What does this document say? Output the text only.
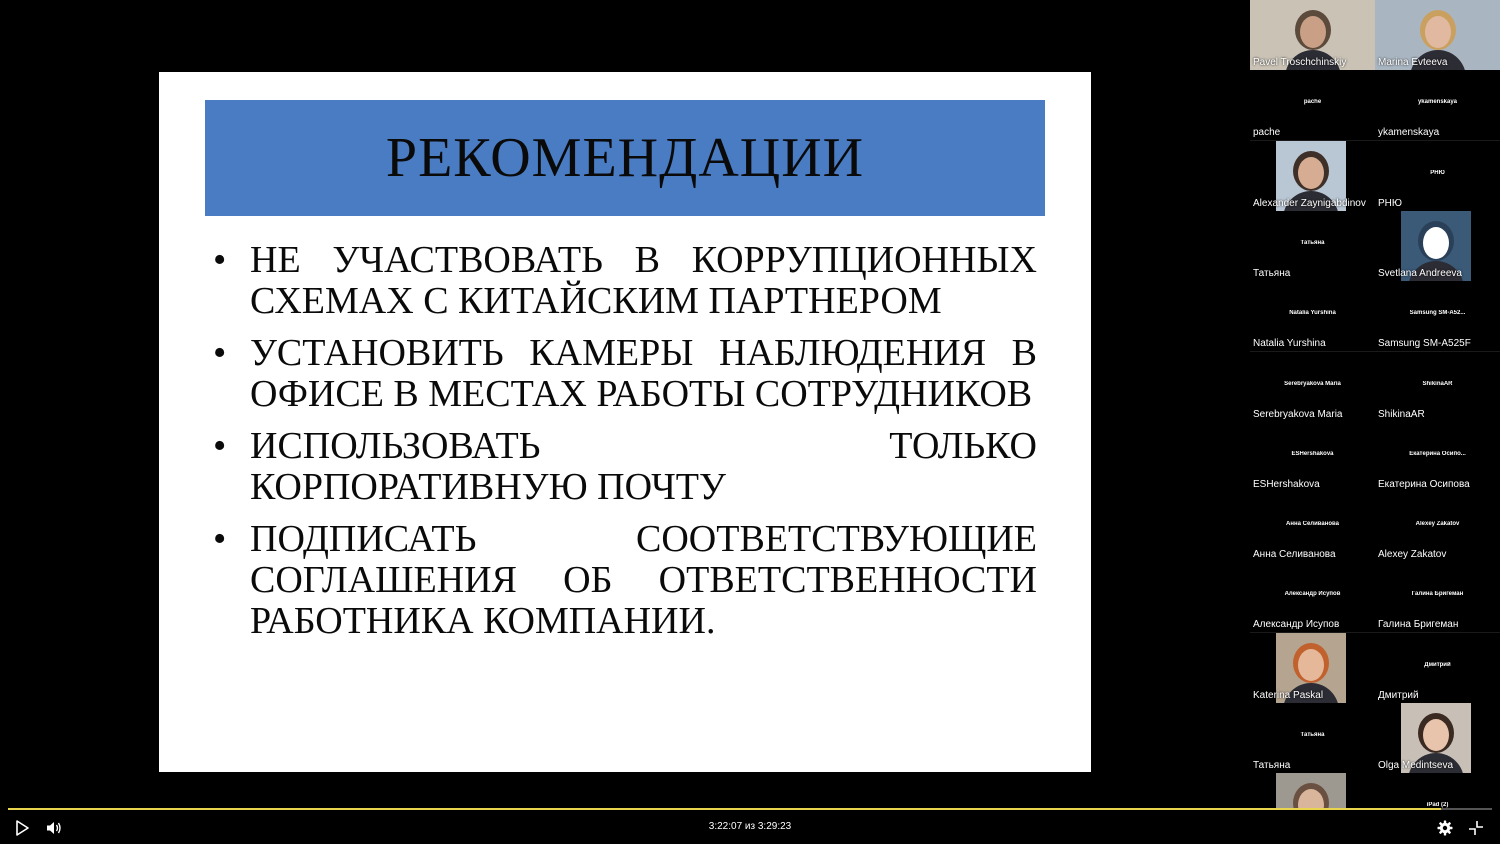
РЕКОМЕНДАЦИИ
• НЕ УЧАСТВОВАТЬ В КОРРУПЦИОННЫХ СХЕМАХ С КИТАЙСКИМ ПАРТНЕРОМ
• УСТАНОВИТЬ КАМЕРЫ НАБЛЮДЕНИЯ В ОФИСЕ В МЕСТАХ РАБОТЫ СОТРУДНИКОВ
• ИСПОЛЬЗОВАТЬ ТОЛЬКО КОРПОРАТИВНУЮ ПОЧТУ
• ПОДПИСАТЬ СООТВЕТСТВУЮЩИЕ СОГЛАШЕНИЯ ОБ ОТВЕТСТВЕННОСТИ РАБОТНИКА КОМПАНИИ.
Pavel Troschchinskiy	Marina Evteeva
pache
pache
ykamenskaya
ykamenskaya
Alexander Zaynigabdinov
РНЮ
РНЮ
Татьяна
Татьяна	Svetlana Andreeva
Natalia Yurshina
Natalia Yurshina
Samsung SM-A52...
Samsung SM-A525F
Serebryakova Maria
Serebryakova Maria
ShikinaAR
ShikinaAR
ESHershakova
ESHershakova
Екатерина Осипо...
Екатерина Осипова
Анна Селиванова
Анна Селиванова
Alexey Zakatov
Alexey Zakatov
Александр Исупов
Александр Исупов
Галина Бригеман
Галина Бригеман
Katerina Paskal
Дмитрий
Дмитрий
Татьяна
Татьяна	Olga Medintseva
iPad (2)
3:22:07 из 3:29:23
